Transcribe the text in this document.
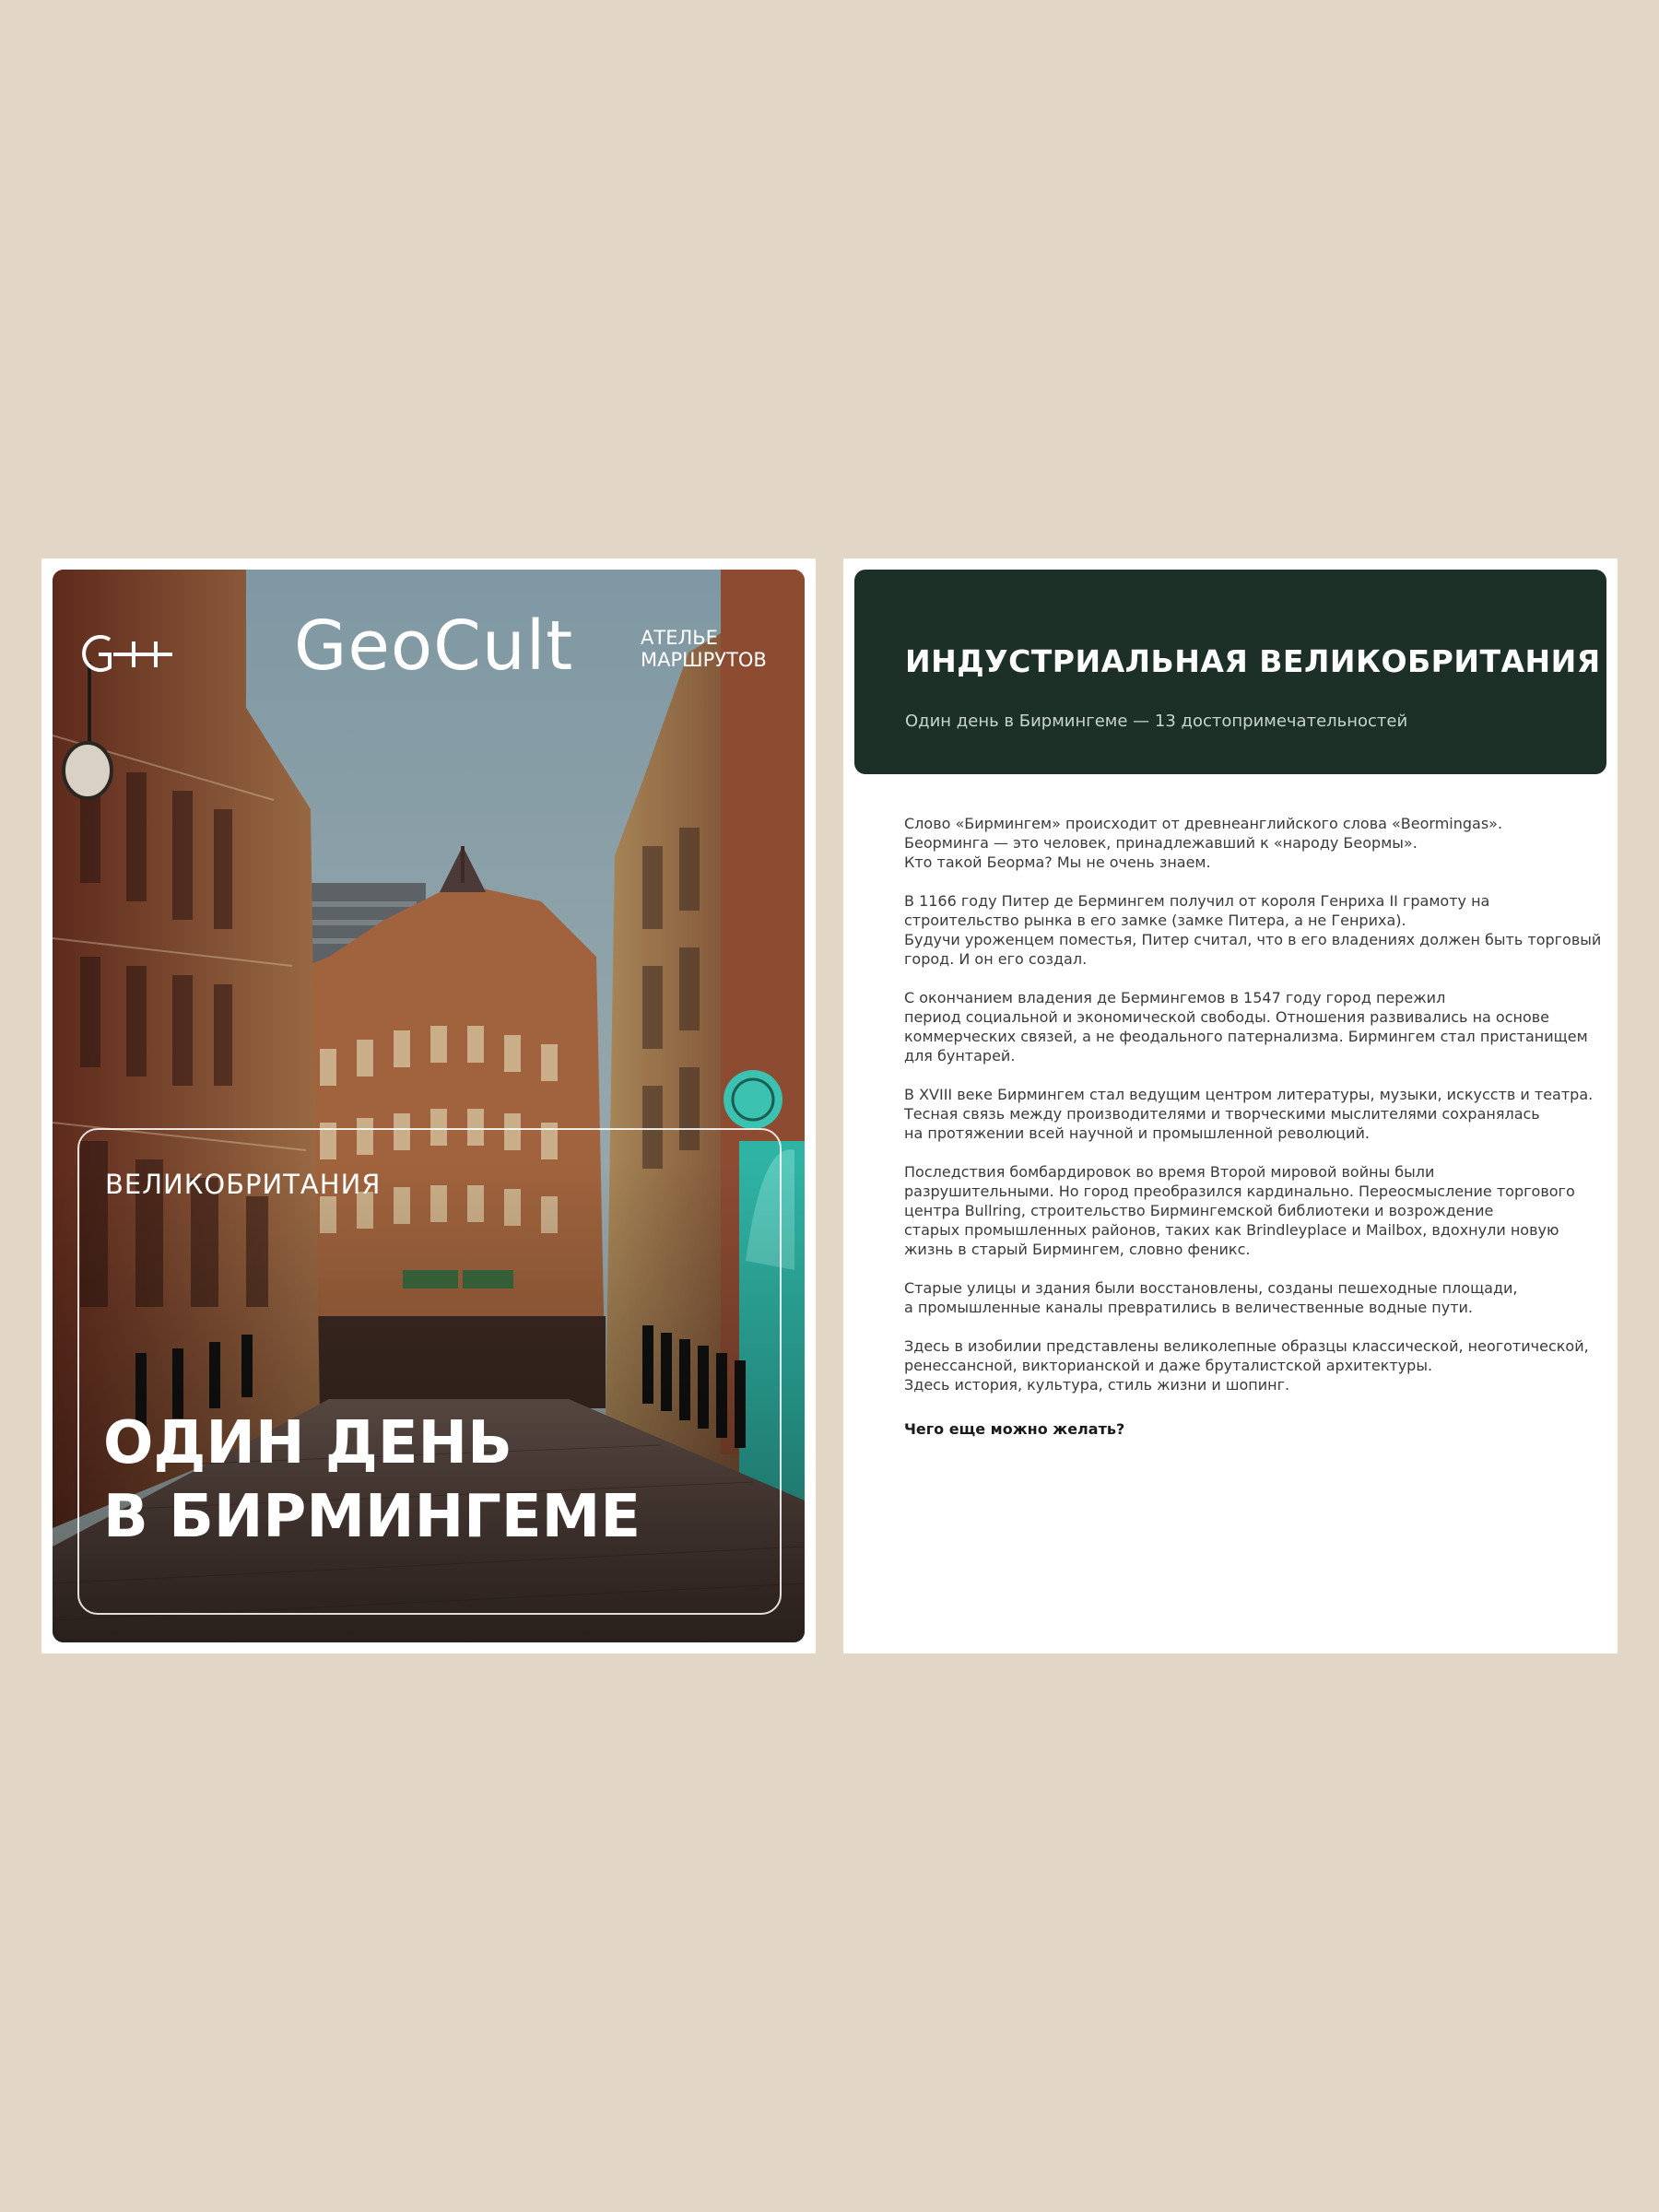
GeoCult	АТЕЛЬЕ
МАРШРУТОВ
ВЕЛИКОБРИТАНИЯ
ОДИН ДЕНЬ
В БИРМИНГЕМЕ
ИНДУСТРИАЛЬНАЯ ВЕЛИКОБРИТАНИЯ
Один день в Бирмингеме — 13 достопримечательностей

Слово «Бирмингем» происходит от древнеанглийского слова «Beormingas».
Беорминга — это человек, принадлежавший к «народу Беормы».
Кто такой Беорма? Мы не очень знаем.

В 1166 году Питер де Бермингем получил от короля Генриха II грамоту на
строительство рынка в его замке (замке Питера, а не Генриха).
Будучи уроженцем поместья, Питер считал, что в его владениях должен быть торговый
город. И он его создал.

С окончанием владения де Бермингемов в 1547 году город пережил
период социальной и экономической свободы. Отношения развивались на основе
коммерческих связей, а не феодального патернализма. Бирмингем стал пристанищем
для бунтарей.

В XVIII веке Бирмингем стал ведущим центром литературы, музыки, искусств и театра.
Тесная связь между производителями и творческими мыслителями сохранялась
на протяжении всей научной и промышленной революций.

Последствия бомбардировок во время Второй мировой войны были
разрушительными. Но город преобразился кардинально. Переосмысление торгового
центра Bullring, строительство Бирмингемской библиотеки и возрождение
старых промышленных районов, таких как Brindleyplace и Mailbox, вдохнули новую
жизнь в старый Бирмингем, словно феникс.

Старые улицы и здания были восстановлены, созданы пешеходные площади,
а промышленные каналы превратились в величественные водные пути.

Здесь в изобилии представлены великолепные образцы классической, неоготической,
ренессансной, викторианской и даже бруталистской архитектуры.
Здесь история, культура, стиль жизни и шопинг.

Чего еще можно желать?
